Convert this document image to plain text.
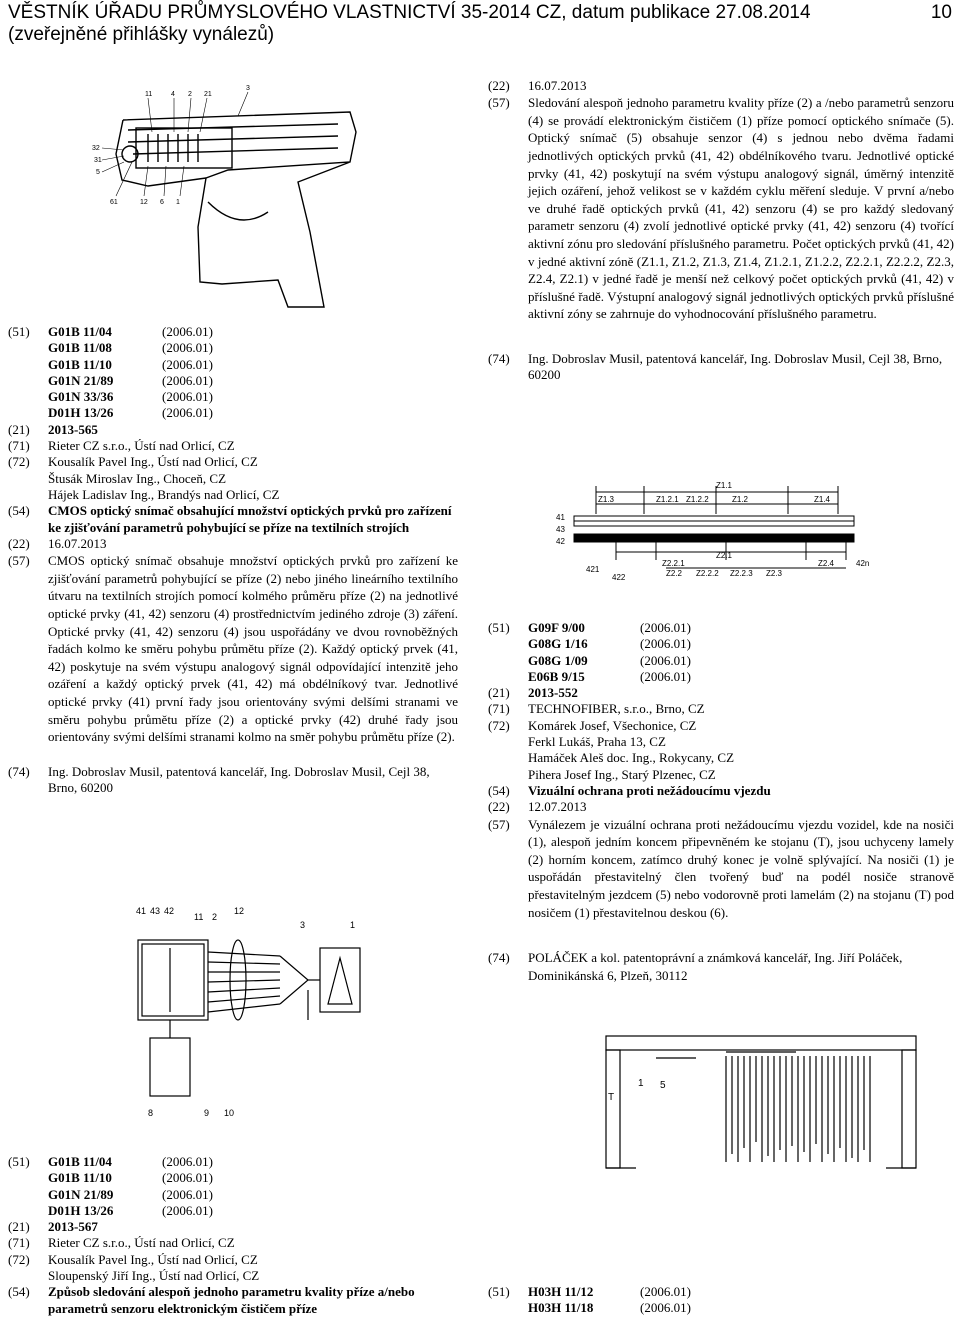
VĚSTNÍK ÚŘADU PRŮMYSLOVÉHO VLASTNICTVÍ 35-2014 CZ, datum publikace 27.08.2014
(zveřejněné přihlášky vynálezů)
10
11	4 2 21
3
32
31
5
61	12 6 1
(51)	G01B 11/04	(2006.01)
G01B 11/08	(2006.01)
G01B 11/10	(2006.01)
G01N 21/89	(2006.01)
G01N 33/36	(2006.01)
D01H 13/26	(2006.01)
(21)	2013-565
(71)	Rieter CZ s.r.o., Ústí nad Orlicí, CZ
(72)	Kousalík Pavel Ing., Ústí nad Orlicí, CZ
Štusák Miroslav Ing., Choceň, CZ
Hájek Ladislav Ing., Brandýs nad Orlicí, CZ
(54)	CMOS optický snímač obsahující množství optických prvků pro zařízení ke zjišťování parametrů pohybující se příze na textilních strojích
(22)	16.07.2013
(57)	CMOS optický snímač obsahuje množství optických prvků pro zařízení ke zjišťování parametrů pohybující se příze (2) nebo jiného lineárního textilního útvaru na textilních strojích pomocí kolmého průměru příze (2) na jednotlivé optické prvky (41, 42) senzoru (4) prostřednictvím jediného zdroje (3) záření. Optické prvky (41, 42) senzoru (4) jsou uspořádány ve dvou rovnoběžných řadách kolmo ke směru pohybu průmětu příze (2). Každý optický prvek (41, 42) poskytuje na svém výstupu analogový signál odpovídající intenzitě jeho ozáření a každý optický prvek (41, 42) má obdélníkový tvar. Jednotlivé optické prvky (41) první řady jsou orientovány svými delšími stranami ve směru pohybu průmětu příze (2) a optické prvky (42) druhé řady jsou orientovány svými delšími stranami kolmo na směr pohybu průmětu příze (2).
(74)	Ing. Dobroslav Musil, patentová kancelář, Ing. Dobroslav Musil, Cejl 38, Brno, 60200
41 43 42
11 2
12
3	1
8	9 10
(22)	16.07.2013
(57)	Sledování alespoň jednoho parametru kvality příze (2) a /nebo parametrů senzoru (4) se provádí elektronickým čističem (1) příze pomocí optického snímače (5). Optický snímač (5) obsahuje senzor (4) s jednou nebo dvěma řadami jednotlivých optických prvků (41, 42) obdélníkového tvaru. Jednotlivé optické prvky (41, 42) poskytují na svém výstupu analogový signál, úměrný intenzitě jejich ozáření, jehož velikost se v každém cyklu měření sleduje. V první a/nebo ve druhé řadě optických prvků (41, 42) senzoru (4) se pro každý sledovaný parametr senzoru (4) zvolí jednotlivé optické prvky (41, 42) senzoru (4) tvořící aktivní zónu pro sledování příslušného parametru. Počet optických prvků (41, 42) v jedné aktivní zóně (Z1.1, Z1.2, Z1.3, Z1.4, Z1.2.1, Z1.2.2, Z2.2.1, Z2.2.2, Z2.3, Z2.4, Z2.1) v jedné řadě je menší než celkový počet optických prvků (41, 42) v příslušné řadě. Výstupní analogový signál jednotlivých optických prvků příslušné aktivní zóny se zahrnuje do vyhodnocování příslušného parametru.
(74)	Ing. Dobroslav Musil, patentová kancelář, Ing. Dobroslav Musil, Cejl 38, Brno, 60200
Z1.3
Z1.1
Z1.2	Z1.4
Z2.1
Z2.2	Z2.3
Z2.4
Z2.2.1
Z2.2.2 Z2.2.3
Z1.2.1 Z1.2.2
41
43
42
421
422
42n
(51)	G09F 9/00	(2006.01)
G08G 1/16	(2006.01)
G08G 1/09	(2006.01)
E06B 9/15	(2006.01)
(21)	2013-552
(71)	TECHNOFIBER, s.r.o., Brno, CZ
(72)	Komárek Josef, Všechonice, CZ
Ferkl Lukáš, Praha 13, CZ
Hamáček Aleš doc. Ing., Rokycany, CZ
Pihera Josef Ing., Starý Plzenec, CZ
(54)	Vizuální ochrana proti nežádoucímu vjezdu
(22)	12.07.2013
(57)	Vynálezem je vizuální ochrana proti nežádoucímu vjezdu vozidel, kde na nosiči (1), alespoň jedním koncem připevněném ke stojanu (T), jsou uchyceny lamely (2) horním koncem, zatímco druhý konec je volně splývající. Na nosiči (1) je uspořádán přestavitelný člen tvořený buď na podél nosiče stranově přestavitelným jezdcem (5) nebo vodorovně proti lamelám (2) na stojanu (T) pod nosičem (1) přestavitelnou deskou (6).
(74)	POLÁČEK a kol. patentoprávní a známková kancelář, Ing. Jiří Poláček, Dominikánská 6, Plzeň, 30112
1 5
T
(51)	G01B 11/04	(2006.01)
G01B 11/10	(2006.01)
G01N 21/89	(2006.01)
D01H 13/26	(2006.01)
(21)	2013-567
(71)	Rieter CZ s.r.o., Ústí nad Orlicí, CZ
(72)	Kousalík Pavel Ing., Ústí nad Orlicí, CZ
Sloupenský Jiří Ing., Ústí nad Orlicí, CZ
(54)	Způsob sledování alespoň jednoho parametru kvality příze a/nebo parametrů senzoru elektronickým čističem příze
(51)	H03H 11/12	(2006.01)
H03H 11/18	(2006.01)
